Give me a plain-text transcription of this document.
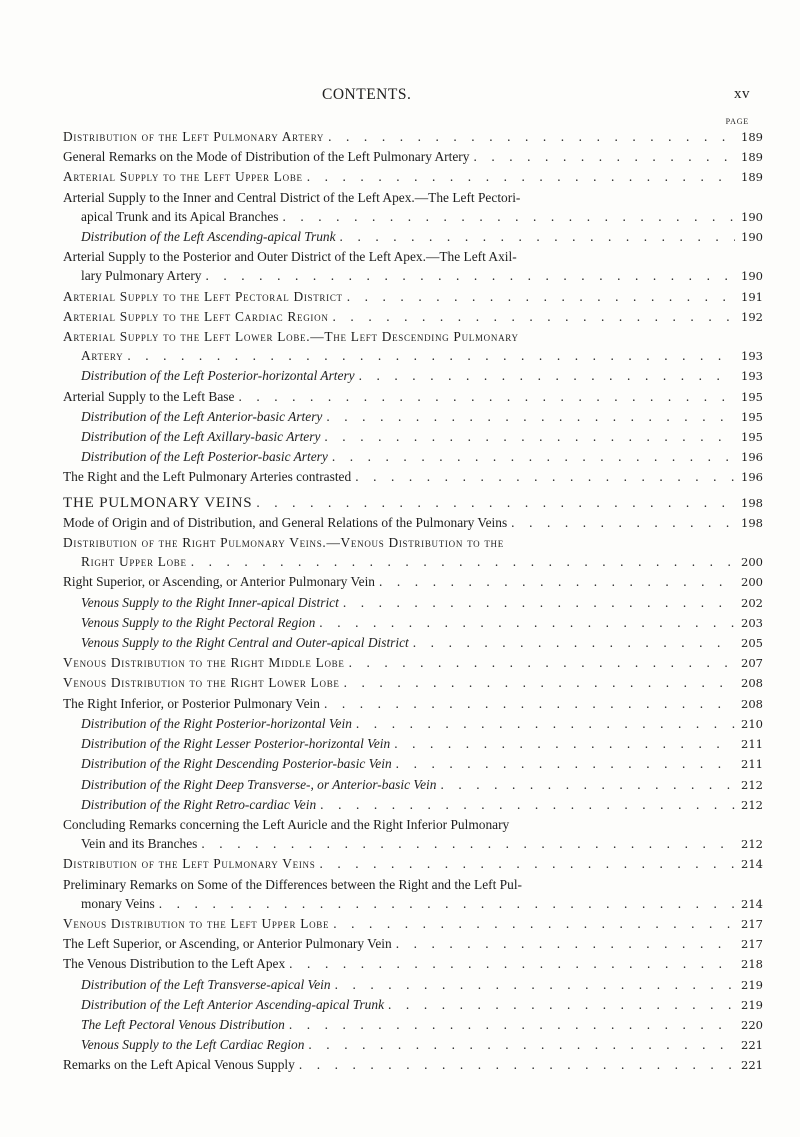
CONTENTS.	xv
PAGE
Distribution of the Left Pulmonary Artery . . .	189
General Remarks on the Mode of Distribution of the Left Pulmonary Artery . . .	189
Arterial Supply to the Left Upper Lobe . . .	189
Arterial Supply to the Inner and Central District of the Left Apex.—The Left Pectori-
apical Trunk and its Apical Branches . . .	190
Distribution of the Left Ascending-apical Trunk . . .	190
Arterial Supply to the Posterior and Outer District of the Left Apex.—The Left Axil-
lary Pulmonary Artery . . .	190
Arterial Supply to the Left Pectoral District . . .	191
Arterial Supply to the Left Cardiac Region . . .	192
Arterial Supply to the Left Lower Lobe.—The Left Descending Pulmonary
Artery . . .	193
Distribution of the Left Posterior-horizontal Artery . . .	193
Arterial Supply to the Left Base . . .	195
Distribution of the Left Anterior-basic Artery . . .	195
Distribution of the Left Axillary-basic Artery . . .	195
Distribution of the Left Posterior-basic Artery . . .	196
The Right and the Left Pulmonary Arteries contrasted . . .	196
THE PULMONARY VEINS . . .	198
Mode of Origin and of Distribution, and General Relations of the Pulmonary Veins . . .	198
Distribution of the Right Pulmonary Veins.—Venous Distribution to the
Right Upper Lobe . . .	200
Right Superior, or Ascending, or Anterior Pulmonary Vein . . .	200
Venous Supply to the Right Inner-apical District . . .	202
Venous Supply to the Right Pectoral Region . . .	203
Venous Supply to the Right Central and Outer-apical District . . .	205
Venous Distribution to the Right Middle Lobe . . .	207
Venous Distribution to the Right Lower Lobe . . .	208
The Right Inferior, or Posterior Pulmonary Vein . . .	208
Distribution of the Right Posterior-horizontal Vein . . .	210
Distribution of the Right Lesser Posterior-horizontal Vein . . .	211
Distribution of the Right Descending Posterior-basic Vein . . .	211
Distribution of the Right Deep Transverse-, or Anterior-basic Vein . . .	212
Distribution of the Right Retro-cardiac Vein . . .	212
Concluding Remarks concerning the Left Auricle and the Right Inferior Pulmonary
Vein and its Branches . . .	212
Distribution of the Left Pulmonary Veins . . .	214
Preliminary Remarks on Some of the Differences between the Right and the Left Pul-
monary Veins . . .	214
Venous Distribution to the Left Upper Lobe . . .	217
The Left Superior, or Ascending, or Anterior Pulmonary Vein . . .	217
The Venous Distribution to the Left Apex . . .	218
Distribution of the Left Transverse-apical Vein . . .	219
Distribution of the Left Anterior Ascending-apical Trunk . . .	219
The Left Pectoral Venous Distribution . . .	220
Venous Supply to the Left Cardiac Region . . .	221
Remarks on the Left Apical Venous Supply . . .	221
